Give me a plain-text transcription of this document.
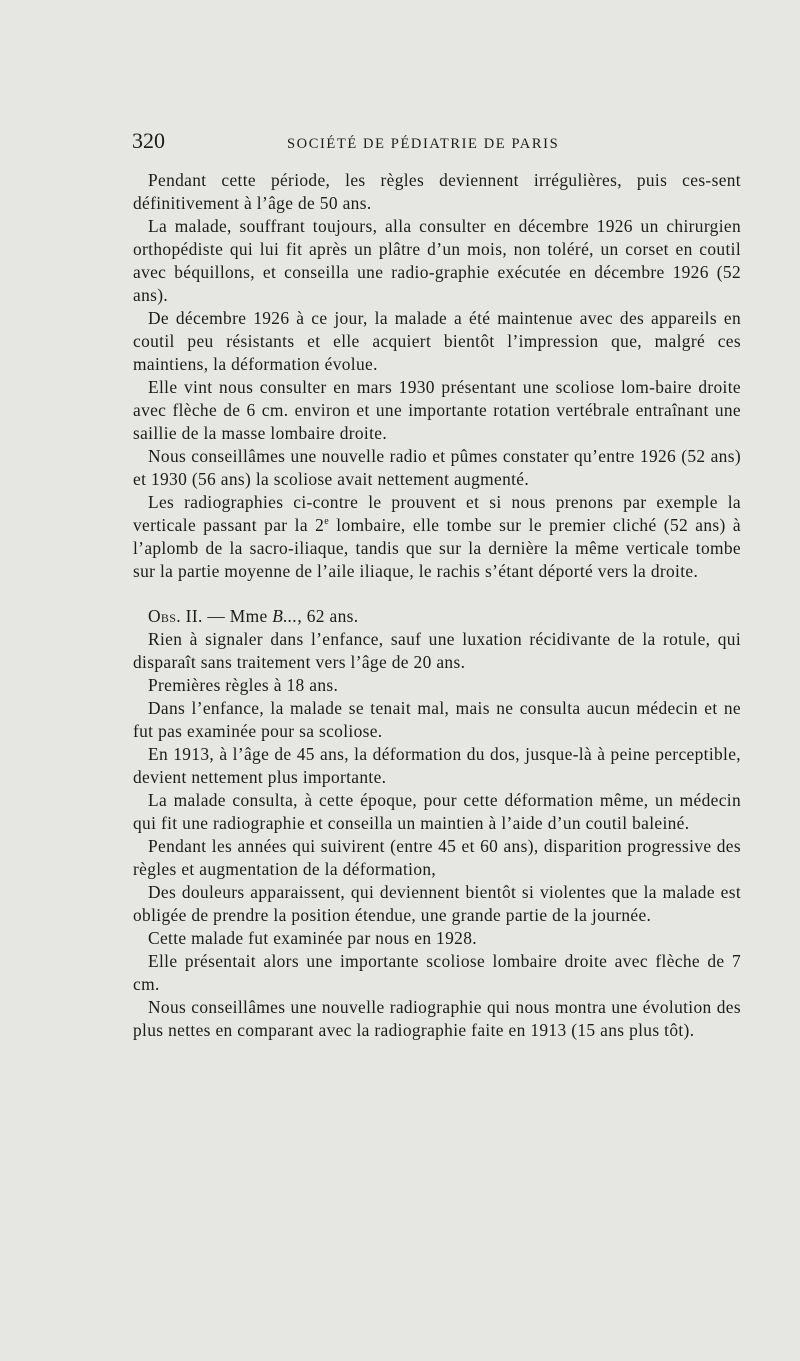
320	SOCIÉTÉ DE PÉDIATRIE DE PARIS

Pendant cette période, les règles deviennent irrégulières, puis ces-sent définitivement à l’âge de 50 ans.

La malade, souffrant toujours, alla consulter en décembre 1926 un chirurgien orthopédiste qui lui fit après un plâtre d’un mois, non toléré, un corset en coutil avec béquillons, et conseilla une radio-graphie exécutée en décembre 1926 (52 ans).

De décembre 1926 à ce jour, la malade a été maintenue avec des appareils en coutil peu résistants et elle acquiert bientôt l’impression que, malgré ces maintiens, la déformation évolue.

Elle vint nous consulter en mars 1930 présentant une scoliose lom-baire droite avec flèche de 6 cm. environ et une importante rotation vertébrale entraînant une saillie de la masse lombaire droite.

Nous conseillâmes une nouvelle radio et pûmes constater qu’entre 1926 (52 ans) et 1930 (56 ans) la scoliose avait nettement augmenté.

Les radiographies ci-contre le prouvent et si nous prenons par exemple la verticale passant par la 2e lombaire, elle tombe sur le premier cliché (52 ans) à l’aplomb de la sacro-iliaque, tandis que sur la dernière la même verticale tombe sur la partie moyenne de l’aile iliaque, le rachis s’étant déporté vers la droite.

Obs. II. — Mme B..., 62 ans.

Rien à signaler dans l’enfance, sauf une luxation récidivante de la rotule, qui disparaît sans traitement vers l’âge de 20 ans.

Premières règles à 18 ans.

Dans l’enfance, la malade se tenait mal, mais ne consulta aucun médecin et ne fut pas examinée pour sa scoliose.

En 1913, à l’âge de 45 ans, la déformation du dos, jusque-là à peine perceptible, devient nettement plus importante.

La malade consulta, à cette époque, pour cette déformation même, un médecin qui fit une radiographie et conseilla un maintien à l’aide d’un coutil baleiné.

Pendant les années qui suivirent (entre 45 et 60 ans), disparition progressive des règles et augmentation de la déformation,

Des douleurs apparaissent, qui deviennent bientôt si violentes que la malade est obligée de prendre la position étendue, une grande partie de la journée.

Cette malade fut examinée par nous en 1928.

Elle présentait alors une importante scoliose lombaire droite avec flèche de 7 cm.

Nous conseillâmes une nouvelle radiographie qui nous montra une évolution des plus nettes en comparant avec la radiographie faite en 1913 (15 ans plus tôt).
